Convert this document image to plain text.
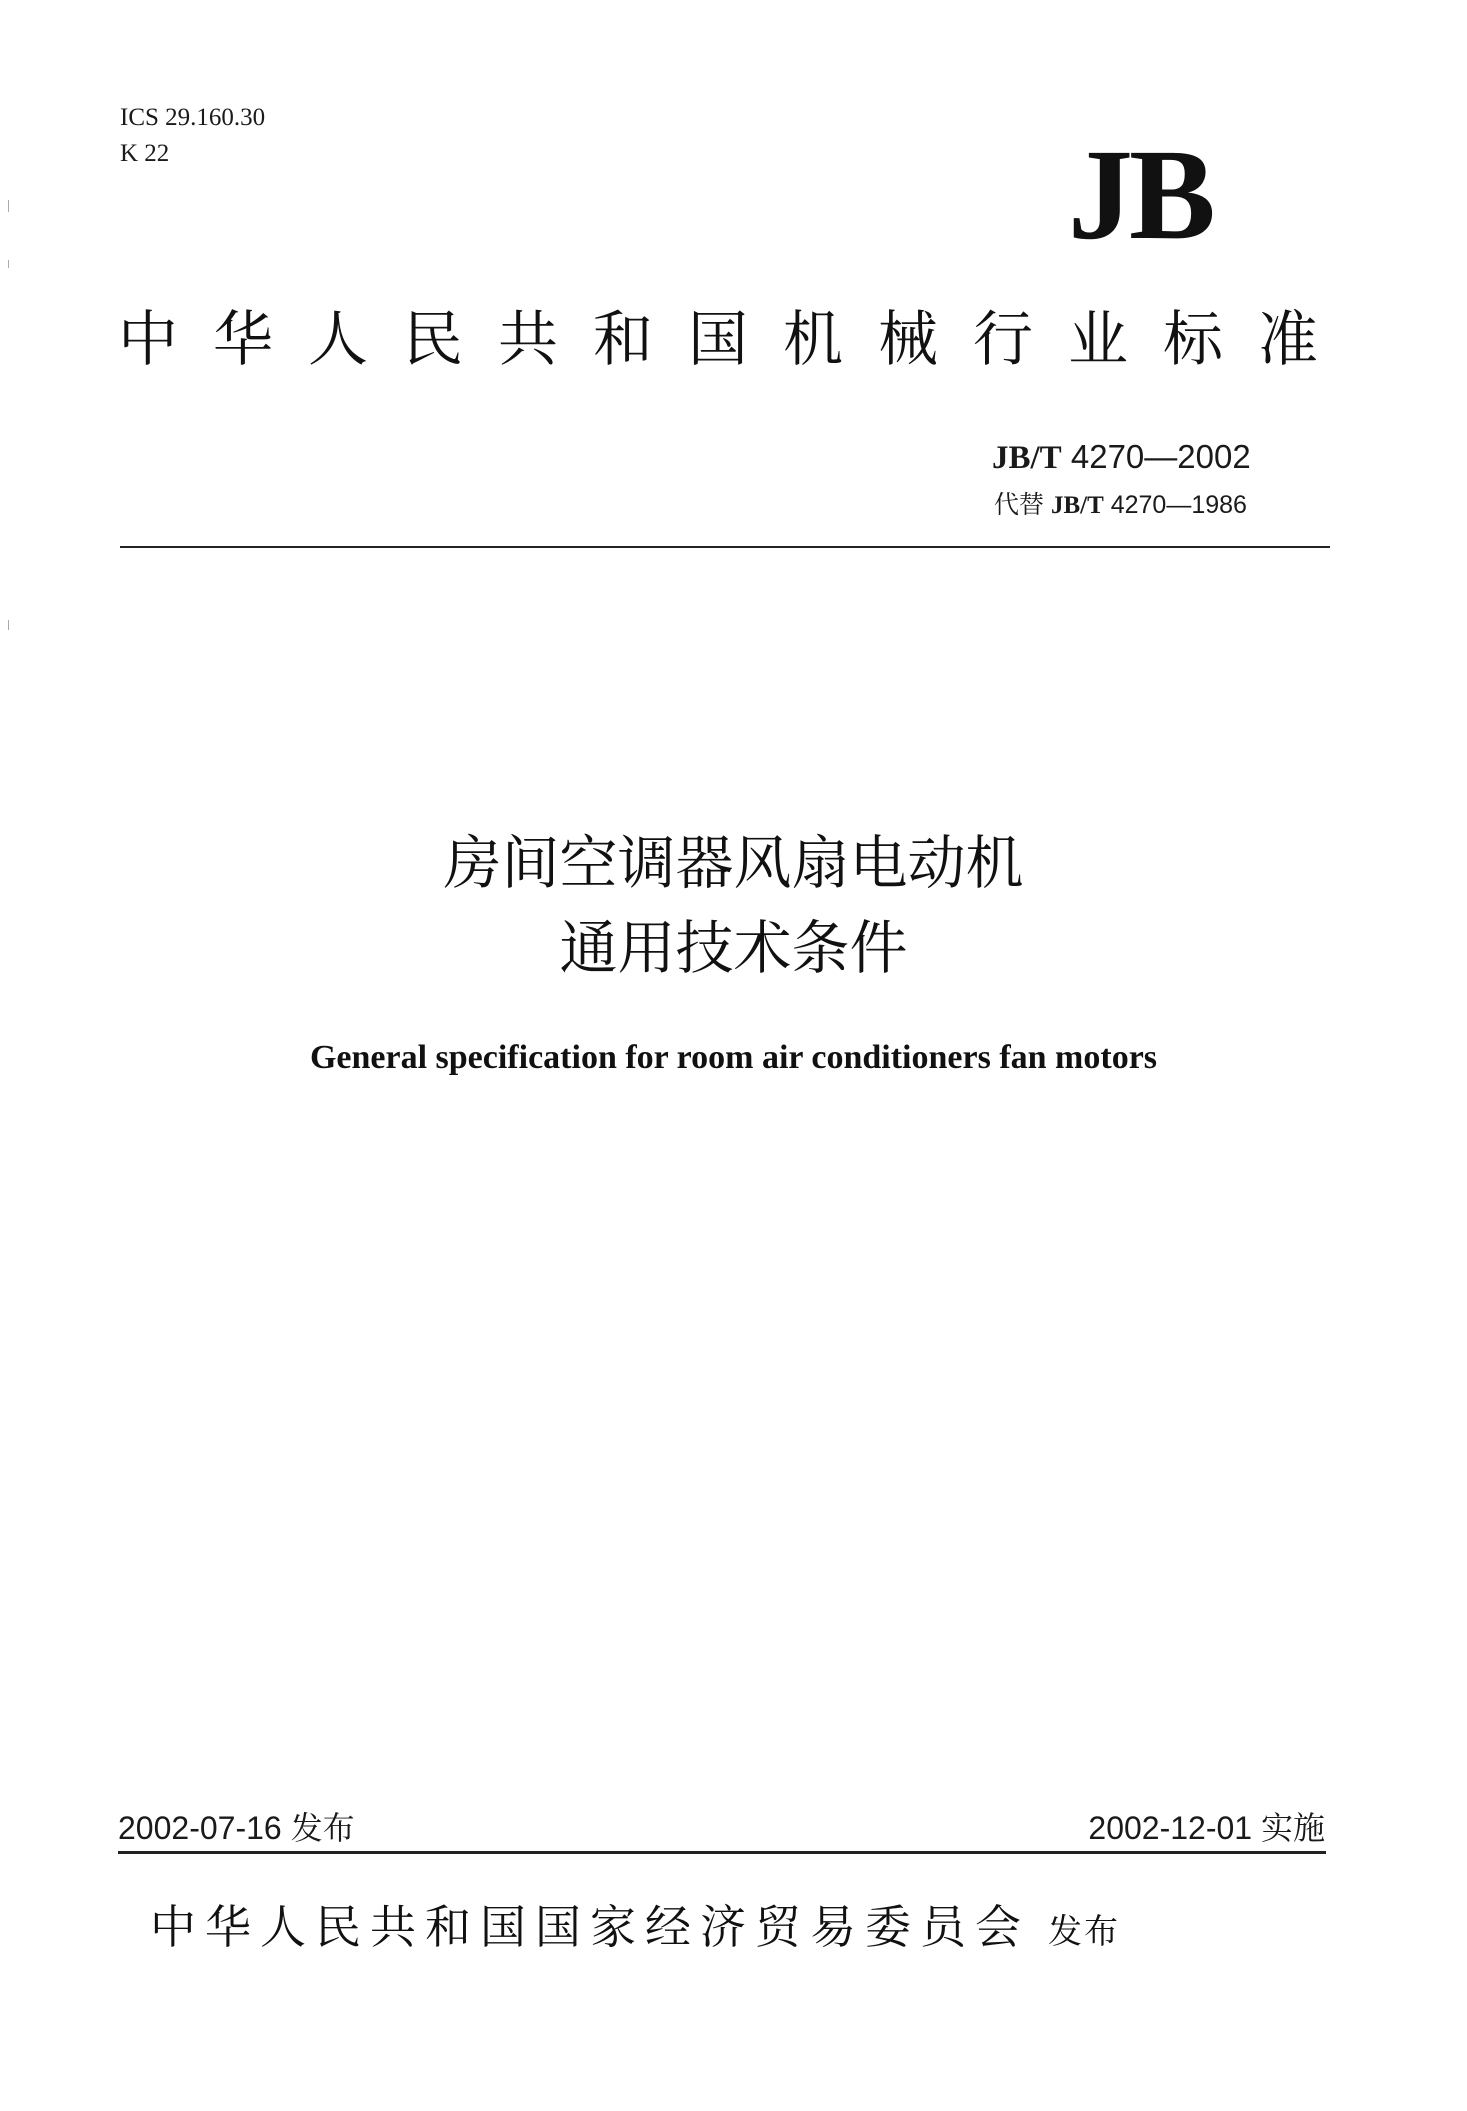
ICS 29.160.30
K 22	JB
中华人民共和国机械行业标准
JB/T 4270—2002
代替 JB/T 4270—1986
房间空调器风扇电动机
通用技术条件
General specification for room air conditioners fan motors
2002-07-16 发布	2002-12-01 实施
中华人民共和国国家经济贸易委员会 发布
